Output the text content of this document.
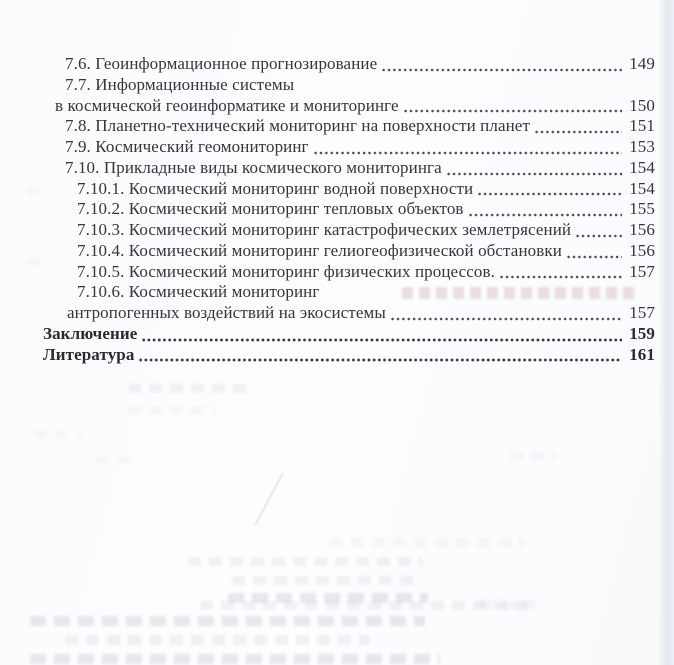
7.6. Геоинформационное прогнозирование	149
7.7. Информационные системы
в космической геоинформатике и мониторинге	150
7.8. Планетно-технический мониторинг на поверхности планет	151
7.9. Космический геомониторинг	153
7.10. Прикладные виды космического мониторинга	154
7.10.1. Космический мониторинг водной поверхности	154
7.10.2. Космический мониторинг тепловых объектов	155
7.10.3. Космический мониторинг катастрофических землетрясений	156
7.10.4. Космический мониторинг гелиогеофизической обстановки	156
7.10.5. Космический мониторинг физических процессов.	157
7.10.6. Космический мониторинг
антропогенных воздействий на экосистемы	157
Заключение	159
Литература	161
